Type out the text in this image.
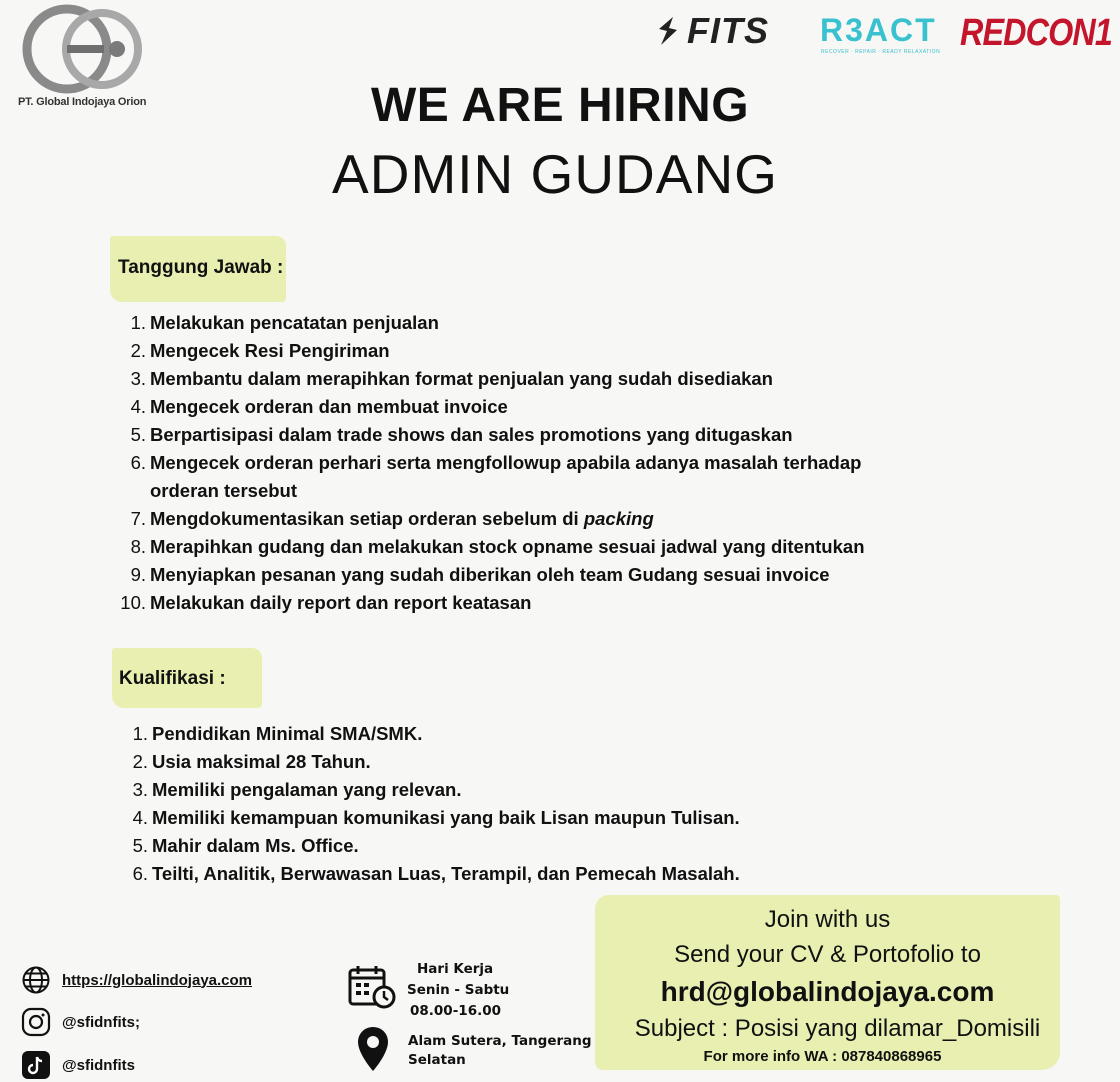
PT. Global Indojaya Orion
FITS R3ACT
RECOVER · REPAIR · READY RELAXATION REDCON1
WE ARE HIRING
ADMIN GUDANG
Tanggung Jawab :
1. Melakukan pencatatan penjualan
2. Mengecek Resi Pengiriman
3. Membantu dalam merapihkan format penjualan yang sudah disediakan
4. Mengecek orderan dan membuat invoice
5. Berpartisipasi dalam trade shows dan sales promotions yang ditugaskan
6. Mengecek orderan perhari serta mengfollowup apabila adanya masalah terhadap
orderan tersebut
7. Mengdokumentasikan setiap orderan sebelum di packing
8. Merapihkan gudang dan melakukan stock opname sesuai jadwal yang ditentukan
9. Menyiapkan pesanan yang sudah diberikan oleh team Gudang sesuai invoice
10. Melakukan daily report dan report keatasan
Kualifikasi :
1. Pendidikan Minimal SMA/SMK.
2. Usia maksimal 28 Tahun.
3. Memiliki pengalaman yang relevan.
4. Memiliki kemampuan komunikasi yang baik Lisan maupun Tulisan.
5. Mahir dalam Ms. Office.
6. Teilti, Analitik, Berwawasan Luas, Terampil, dan Pemecah Masalah.
https://globalindojaya.com
@sfidnfits;
@sfidnfits
Hari Kerja
Senin - Sabtu
08.00-16.00
Alam Sutera, Tangerang
Selatan
Join with us
Send your CV & Portofolio to
hrd@globalindojaya.com
Subject : Posisi yang dilamar_Domisili
For more info WA : 087840868965
